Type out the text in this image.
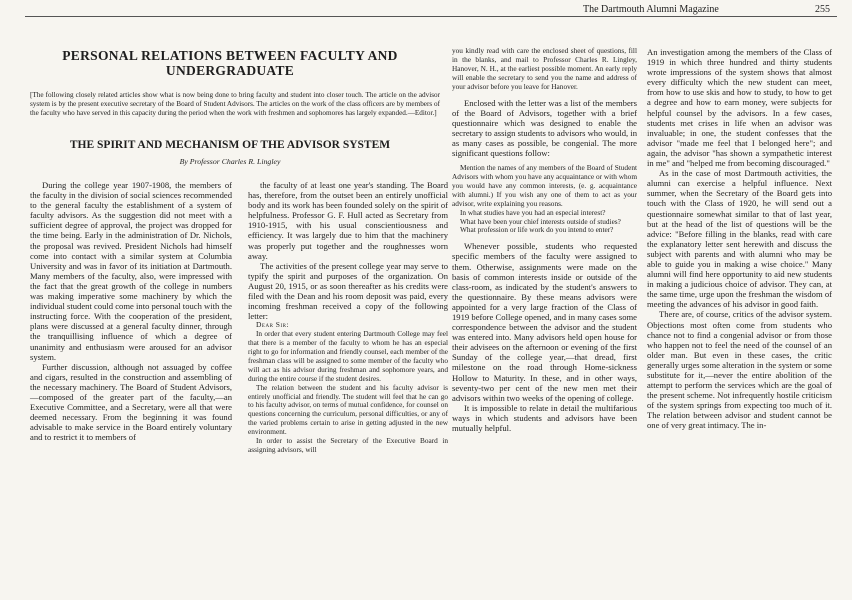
The Dartmouth Alumni Magazine	255
PERSONAL RELATIONS BETWEEN FACULTY AND UNDERGRADUATE
[The following closely related articles show what is now being done to bring faculty and student into closer touch. The article on the advisor system is by the present executive secretary of the Board of Student Advisors. The articles on the work of the class officers are by members of the faculty who have served in this capacity during the period when the work with freshmen and sophomores has largely expanded.—Editor.]
THE SPIRIT AND MECHANISM OF THE ADVISOR SYSTEM
By Professor Charles R. Lingley

During the college year 1907-1908, the members of the faculty in the division of social sciences recommended to the general faculty the establishment of a system of faculty advisors. As the suggestion did not meet with a sufficient degree of approval, the project was dropped for the time being. Early in the administration of Dr. Nichols, the proposal was revived. President Nichols had himself come into contact with a similar system at Columbia University and was in favor of its initiation at Dartmouth. Many members of the faculty, also, were impressed with the fact that the great growth of the college in numbers was making imperative some machinery by which the individual student could come into personal touch with the instructing force. With the cooperation of the president, plans were discussed at a general faculty dinner, through the tranquillising influence of which a degree of unanimity and enthusiasm were aroused for an advisor system.

Further discussion, although not assuaged by coffee and cigars, resulted in the construction and assembling of the necessary machinery. The Board of Student Advisors,—composed of the greater part of the faculty,—an Executive Committee, and a Secretary, were all that were deemed necessary. From the beginning it was found advisable to make service in the Board entirely voluntary and to restrict it to members of

the faculty of at least one year's standing. The Board has, therefore, from the outset been an entirely unofficial body and its work has been founded solely on the spirit of helpfulness. Professor G. F. Hull acted as Secretary from 1910-1915, with his usual conscientiousness and efficiency. It was largely due to him that the machinery was properly put together and the roughnesses worn away.

The activities of the present college year may serve to typify the spirit and purposes of the organization. On August 20, 1915, or as soon thereafter as his credits were filed with the Dean and his room deposit was paid, every incoming freshman received a copy of the following letter:

Dear Sir:

In order that every student entering Dartmouth College may feel that there is a member of the faculty to whom he has an especial right to go for information and friendly counsel, each member of the freshman class will be assigned to some member of the faculty who will act as his advisor during freshman and sophomore years, and during the entire course if the student desires.

The relation between the student and his faculty advisor is entirely unofficial and friendly. The student will feel that he can go to his faculty advisor, on terms of mutual confidence, for counsel on questions concerning the curriculum, personal difficulties, or any of the varied problems certain to arise in getting adjusted in the new environment.

In order to assist the Secretary of the Executive Board in assigning advisors, will

you kindly read with care the enclosed sheet of questions, fill in the blanks, and mail to Professor Charles R. Lingley, Hanover, N. H., at the earliest possible moment. An early reply will enable the secretary to send you the name and address of your advisor before you leave for Hanover.

Enclosed with the letter was a list of the members of the Board of Advisors, together with a brief questionnaire which was designed to enable the secretary to assign students to advisors who would, in as many cases as possible, be congenial. The more significant questions follow:

Mention the names of any members of the Board of Student Advisors with whom you have any acquaintance or with whom you would have any common interests, (e. g. acquaintance with alumni.) If you wish any one of them to act as your advisor, write explaining you reasons.

In what studies have you had an especial interest?

What have been your chief interests outside of studies?

What profession or life work do you intend to enter?

Whenever possible, students who requested specific members of the faculty were assigned to them. Otherwise, assignments were made on the basis of common interests inside or outside of the class-room, as indicated by the student's answers to the questionnaire. By these means advisors were appointed for a very large fraction of the Class of 1919 before College opened, and in many cases some correspondence between the advisor and the student was entered into. Many advisors held open house for their advisees on the afternoon or evening of the first Sunday of the college year,—that dread, first milestone on the road through Home-sickness Hollow to Maturity. In these, and in other ways, seventy-two per cent of the new men met their advisors within two weeks of the opening of college.

It is impossible to relate in detail the multifarious ways in which students and advisors have been mutually helpful.

An investigation among the members of the Class of 1919 in which three hundred and thirty students wrote impressions of the system shows that almost every difficulty which the new student can meet, from how to use skis and how to study, to how to get a degree and how to earn money, were subjects for helpful counsel by the advisors. In a few cases, students met crises in life when an advisor was invaluable; in one, the student confesses that the advisor "made me feel that I belonged here"; and again, the advisor "has shown a sympathetic interest in me" and "helped me from becoming discouraged."

As in the case of most Dartmouth activities, the alumni can exercise a helpful influence. Next summer, when the Secretary of the Board gets into touch with the Class of 1920, he will send out a questionnaire somewhat similar to that of last year, but at the head of the list of questions will be the advice: "Before filling in the blanks, read with care the explanatory letter sent herewith and discuss the subject with parents and with alumni who may be able to guide you in making a wise choice." Many alumni will find here opportunity to aid new students in making a judicious choice of advisor. They can, at the same time, urge upon the freshman the wisdom of meeting the advances of his advisor in good faith.

There are, of course, critics of the advisor system. Objections most often come from students who chance not to find a congenial advisor or from those who happen not to feel the need of the counsel of an older man. But even in these cases, the critic generally urges some alteration in the system or some substitute for it,—never the entire abolition of the attempt to perform the services which are the goal of the present scheme. Not infrequently hostile criticism of the system springs from expecting too much of it. The relation between advisor and student cannot be one of very great intimacy. The in-
